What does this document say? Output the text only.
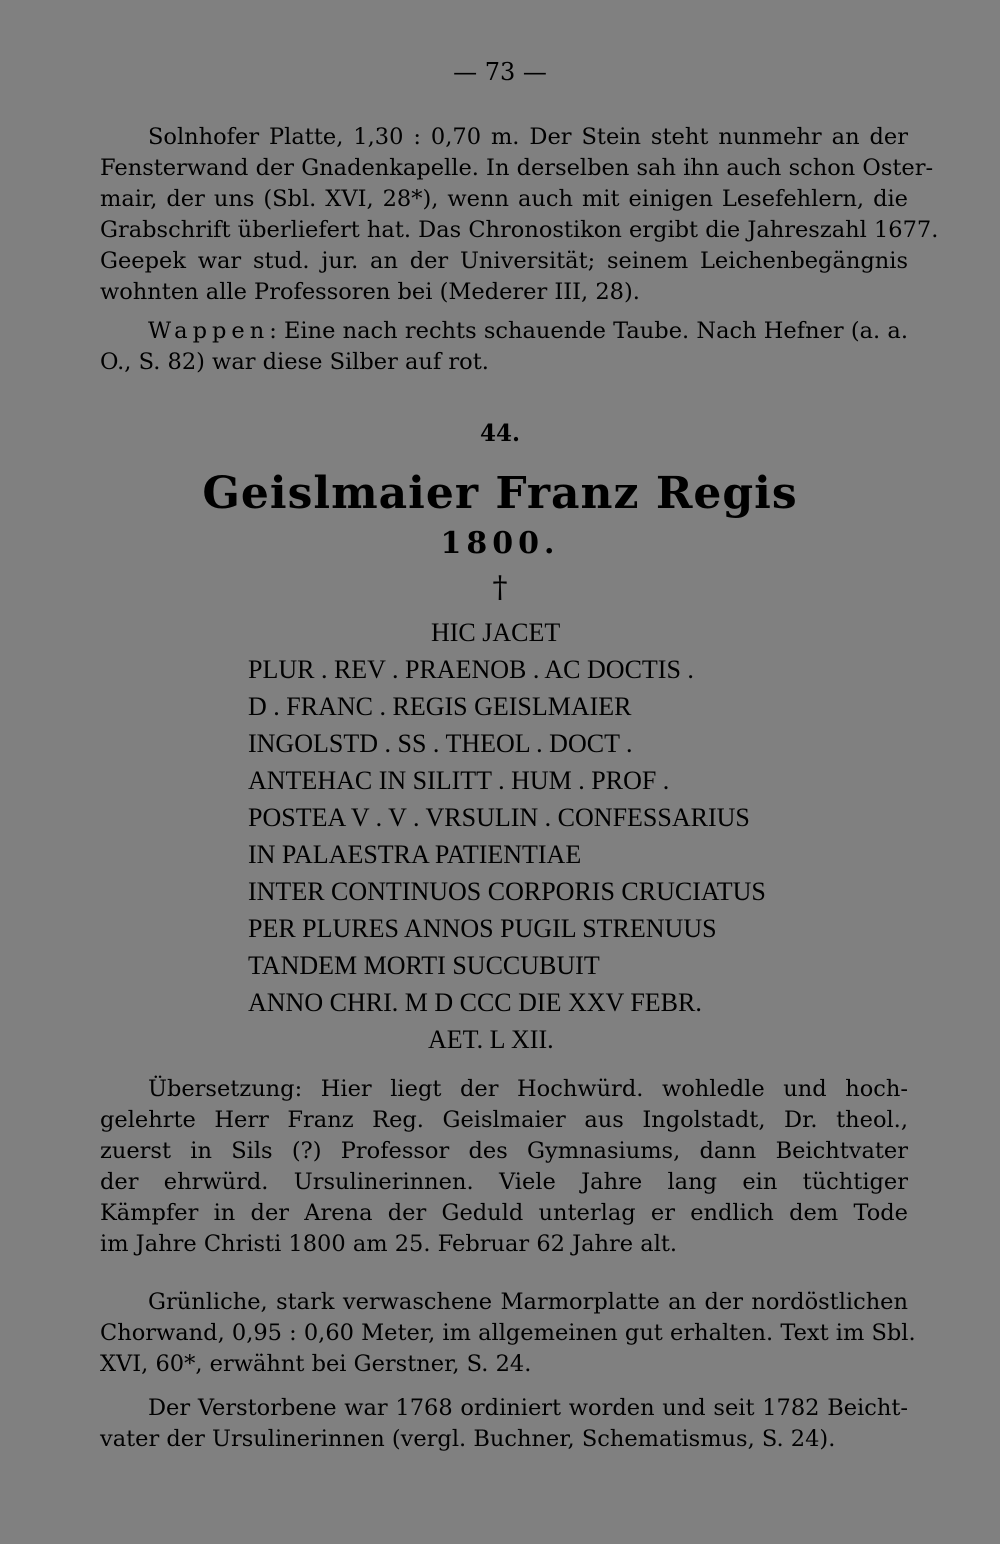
— 73 —

Solnhofer Platte, 1,30 : 0,70 m. Der Stein steht nunmehr an der
Fensterwand der Gnadenkapelle. In derselben sah ihn auch schon Oster-
mair, der uns (Sbl. XVI, 28*), wenn auch mit einigen Lesefehlern, die
Grabschrift überliefert hat. Das Chronostikon ergibt die Jahreszahl 1677.
Geepek war stud. jur. an der Universität; seinem Leichenbegängnis
wohnten alle Professoren bei (Mederer III, 28).

Wappen: Eine nach rechts schauende Taube. Nach Hefner (a. a.
O., S. 82) war diese Silber auf rot.

44.
Geislmaier Franz Regis
1800.
†
HIC JACET
PLUR . REV . PRAENOB . AC DOCTIS .
D . FRANC . REGIS GEISLMAIER
INGOLSTD . SS . THEOL . DOCT .
ANTEHAC IN SILITT . HUM . PROF .
POSTEA V . V . VRSULIN . CONFESSARIUS
IN PALAESTRA PATIENTIAE
INTER CONTINUOS CORPORIS CRUCIATUS
PER PLURES ANNOS PUGIL STRENUUS
TANDEM MORTI SUCCUBUIT
ANNO CHRI. M D CCC DIE XXV FEBR.
AET. L XII.

Übersetzung: Hier liegt der Hochwürd. wohledle und hoch-
gelehrte Herr Franz Reg. Geislmaier aus Ingolstadt, Dr. theol.,
zuerst in Sils (?) Professor des Gymnasiums, dann Beichtvater
der ehrwürd. Ursulinerinnen. Viele Jahre lang ein tüchtiger
Kämpfer in der Arena der Geduld unterlag er endlich dem Tode
im Jahre Christi 1800 am 25. Februar 62 Jahre alt.

Grünliche, stark verwaschene Marmorplatte an der nordöstlichen
Chorwand, 0,95 : 0,60 Meter, im allgemeinen gut erhalten. Text im Sbl.
XVI, 60*, erwähnt bei Gerstner, S. 24.

Der Verstorbene war 1768 ordiniert worden und seit 1782 Beicht-
vater der Ursulinerinnen (vergl. Buchner, Schematismus, S. 24).
